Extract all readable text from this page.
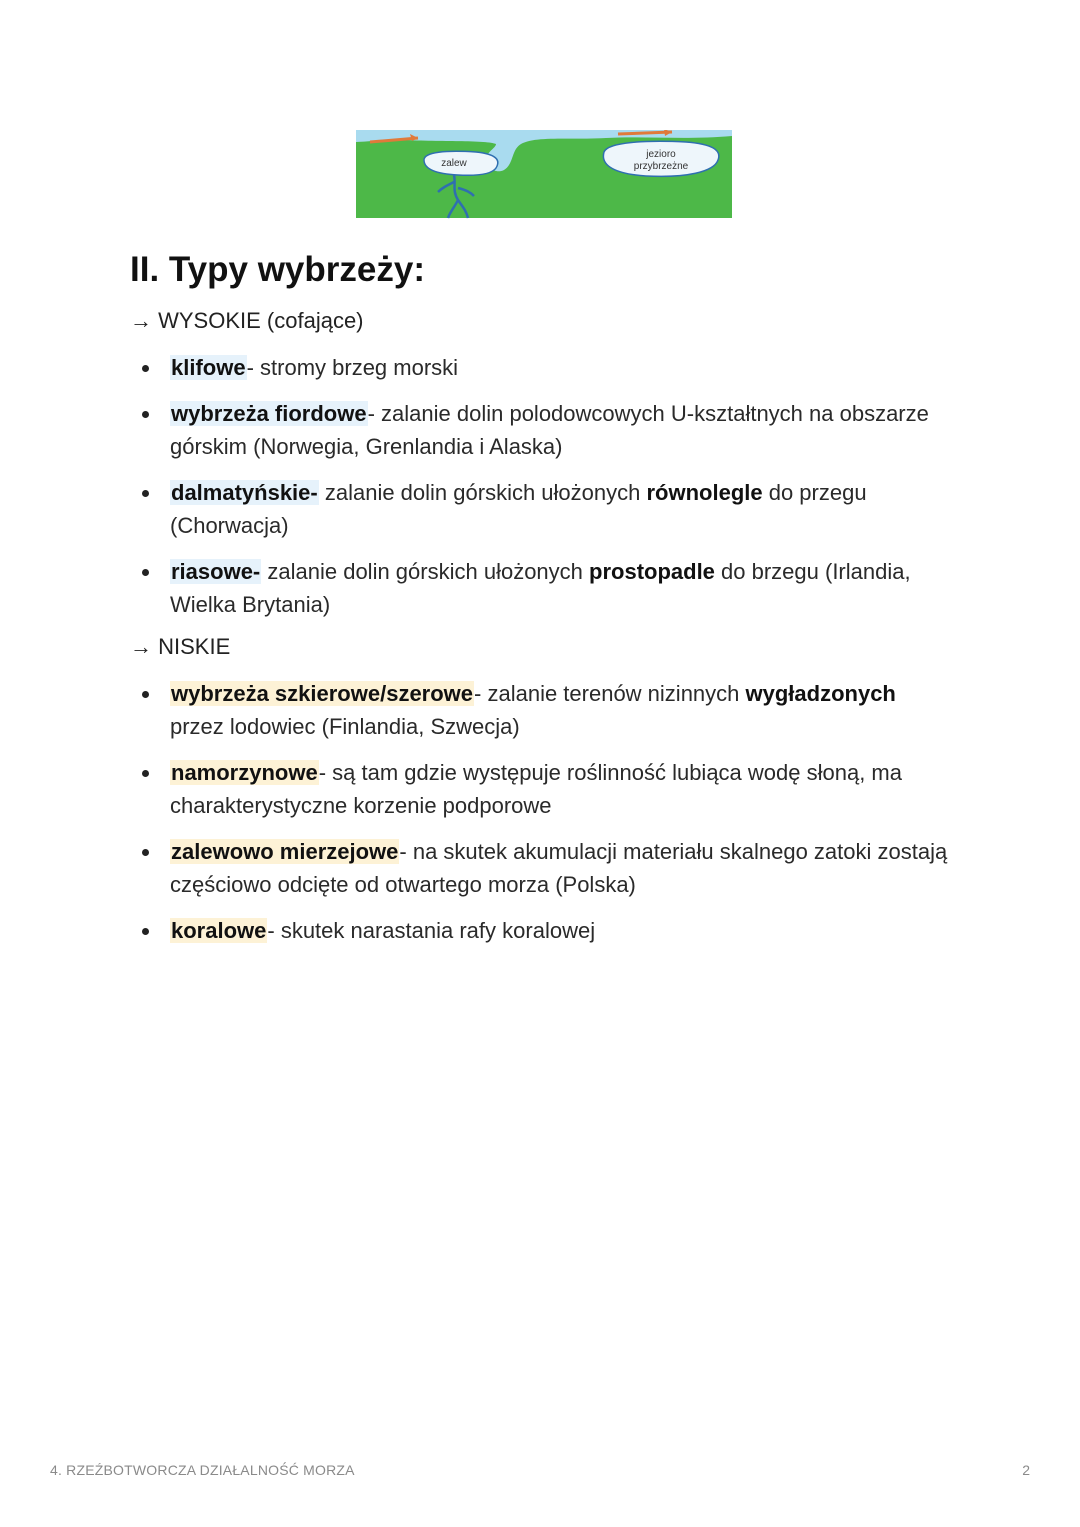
zalew
jezioro
przybrzeżne
II. Typy wybrzeży:
→ WYSOKIE (cofające)
klifowe- stromy brzeg morski
wybrzeża fiordowe- zalanie dolin polodowcowych U-kształtnych na obszarze górskim (Norwegia, Grenlandia i Alaska)
dalmatyńskie- zalanie dolin górskich ułożonych równolegle do przegu (Chorwacja)
riasowe- zalanie dolin górskich ułożonych prostopadle do brzegu (Irlandia, Wielka Brytania)
→ NISKIE
wybrzeża szkierowe/szerowe- zalanie terenów nizinnych wygładzonych przez lodowiec (Finlandia, Szwecja)
namorzynowe- są tam gdzie występuje roślinność lubiąca wodę słoną, ma charakterystyczne korzenie podporowe
zalewowo mierzejowe- na skutek akumulacji materiału skalnego zatoki zostają częściowo odcięte od otwartego morza (Polska)
koralowe- skutek narastania rafy koralowej
4. RZEŹBOTWORCZA DZIAŁALNOŚĆ MORZA	2
